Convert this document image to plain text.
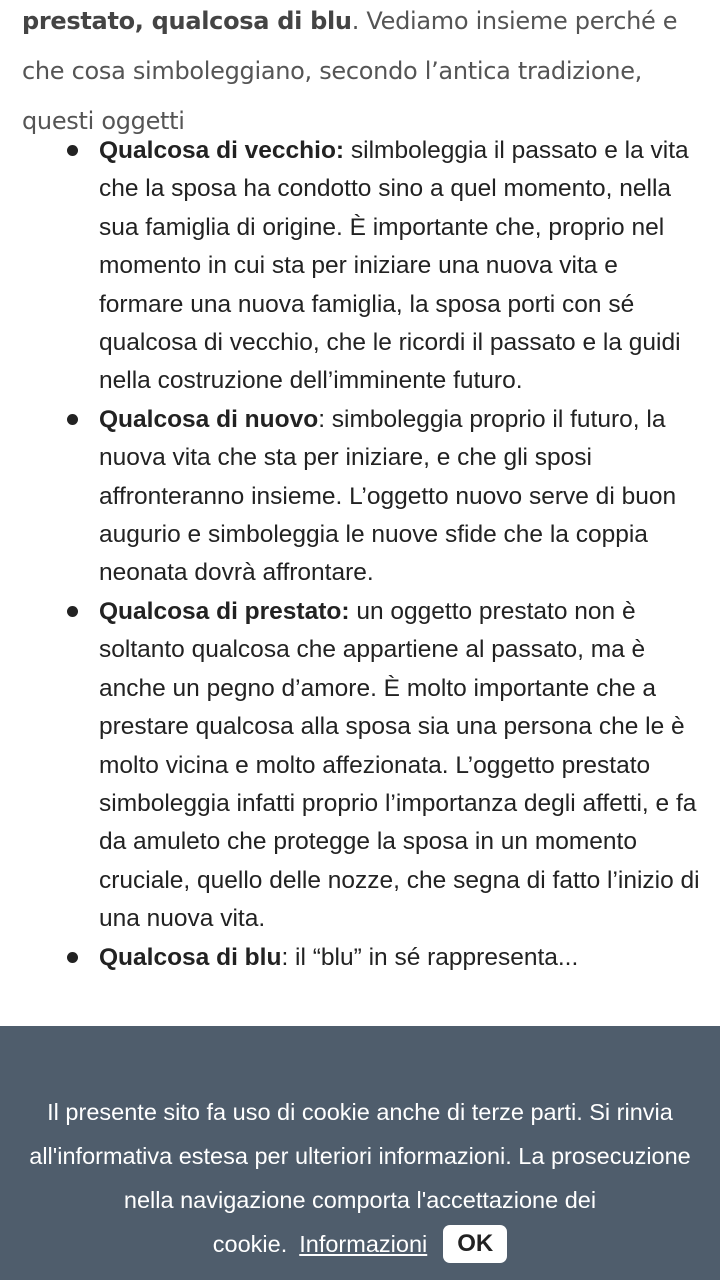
prestato, qualcosa di blu. Vediamo insieme perché e che cosa simboleggiano, secondo l’antica tradizione, questi oggetti

Qualcosa di vecchio: silmboleggia il passato e la vita che la sposa ha condotto sino a quel momento, nella sua famiglia di origine. È importante che, proprio nel momento in cui sta per iniziare una nuova vita e formare una nuova famiglia, la sposa porti con sé qualcosa di vecchio, che le ricordi il passato e la guidi nella costruzione dell’imminente futuro.
Qualcosa di nuovo: simboleggia proprio il futuro, la nuova vita che sta per iniziare, e che gli sposi affronteranno insieme. L’oggetto nuovo serve di buon augurio e simboleggia le nuove sfide che la coppia neonata dovrà affrontare.
Qualcosa di prestato: un oggetto prestato non è soltanto qualcosa che appartiene al passato, ma è anche un pegno d’amore. È molto importante che a prestare qualcosa alla sposa sia una persona che le è molto vicina e molto affezionata. L’oggetto prestato simboleggia infatti proprio l’importanza degli affetti, e fa da amuleto che protegge la sposa in un momento cruciale, quello delle nozze, che segna di fatto l’inizio di una nuova vita.
Qualcosa di blu: il “blu” in sé rappresenta...

Il presente sito fa uso di cookie anche di terze parti. Si rinvia all'informativa estesa per ulteriori informazioni. La prosecuzione nella navigazione comporta l'accettazione dei cookie. Informazioni OK
